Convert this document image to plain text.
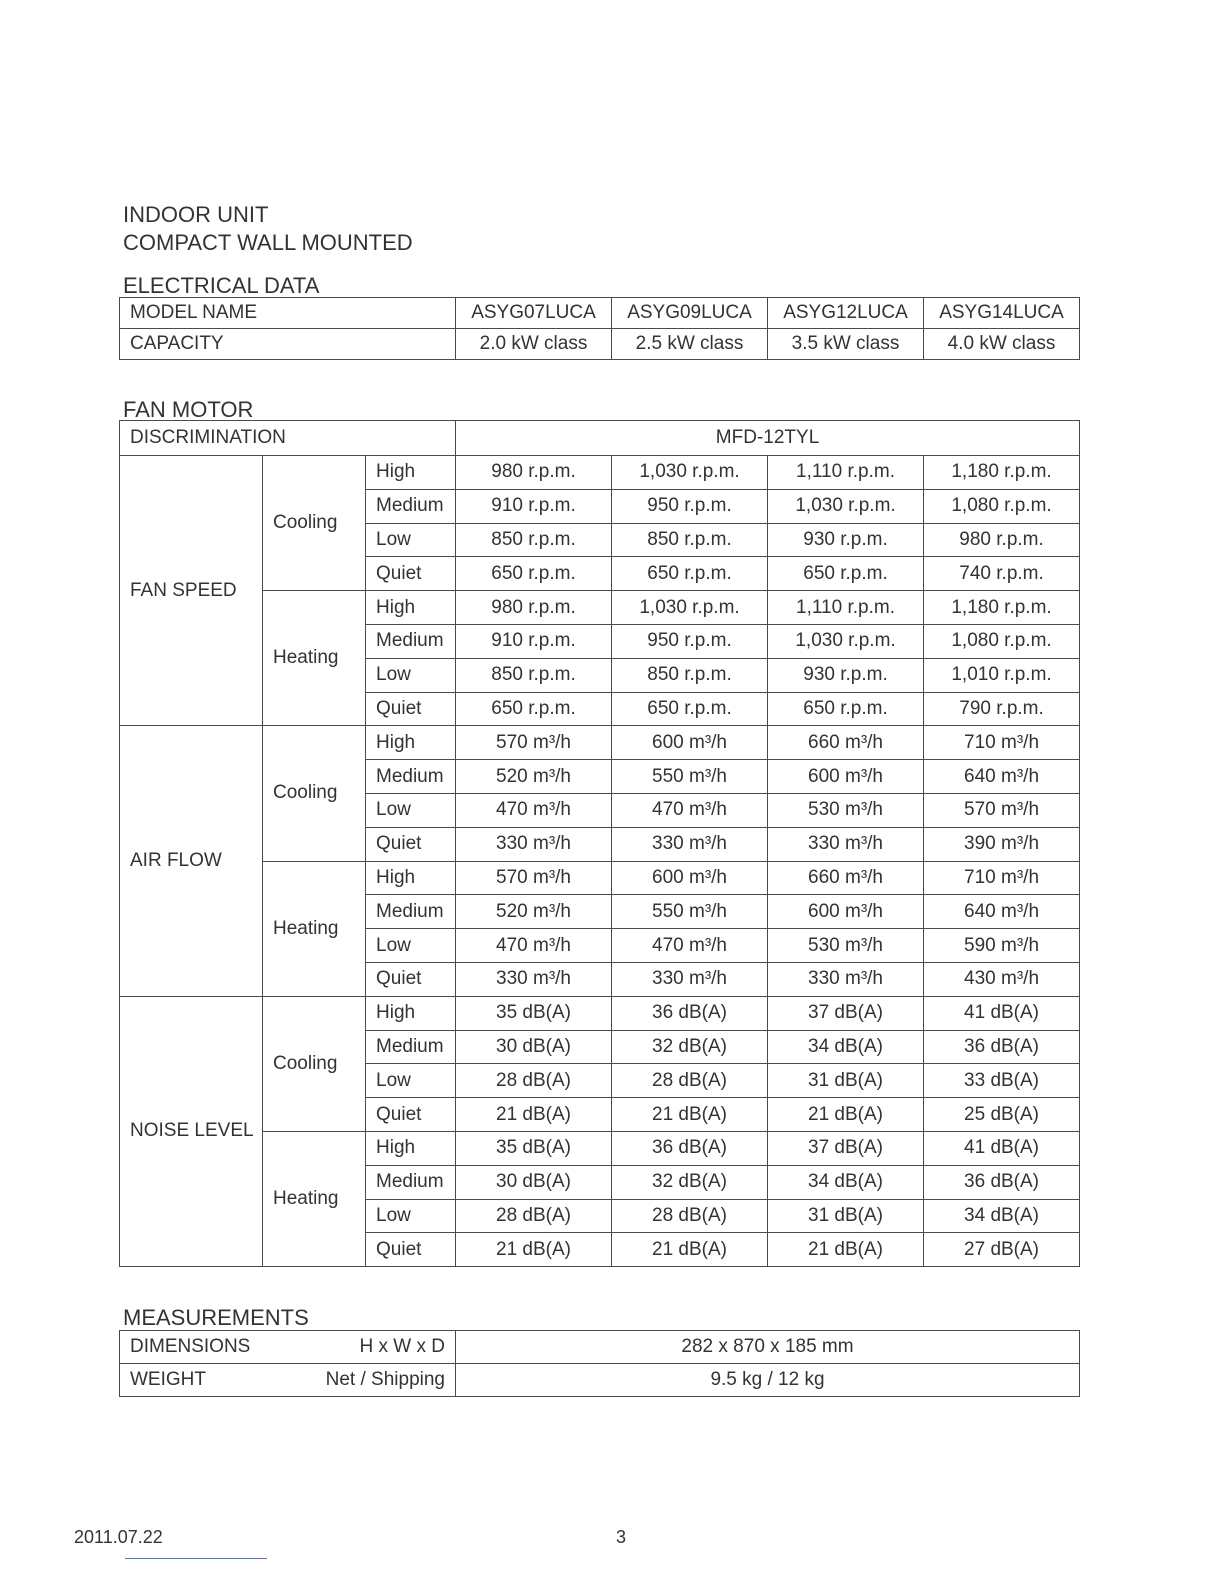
INDOOR UNIT
COMPACT WALL MOUNTED
ELECTRICAL DATA
MODEL NAME	ASYG07LUCA	ASYG09LUCA	ASYG12LUCA	ASYG14LUCA
CAPACITY	2.0 kW class	2.5 kW class	3.5 kW class	4.0 kW class
FAN MOTOR
DISCRIMINATION			MFD-12TYL			
FAN SPEED	Cooling	High	980 r.p.m.	1,030 r.p.m.	1,110 r.p.m.	1,180 r.p.m.
		Medium	910 r.p.m.	950 r.p.m.	1,030 r.p.m.	1,080 r.p.m.
		Low	850 r.p.m.	850 r.p.m.	930 r.p.m.	980 r.p.m.
		Quiet	650 r.p.m.	650 r.p.m.	650 r.p.m.	740 r.p.m.
	Heating	High	980 r.p.m.	1,030 r.p.m.	1,110 r.p.m.	1,180 r.p.m.
		Medium	910 r.p.m.	950 r.p.m.	1,030 r.p.m.	1,080 r.p.m.
		Low	850 r.p.m.	850 r.p.m.	930 r.p.m.	1,010 r.p.m.
		Quiet	650 r.p.m.	650 r.p.m.	650 r.p.m.	790 r.p.m.
AIR FLOW	Cooling	High	570 m³/h	600 m³/h	660 m³/h	710 m³/h
		Medium	520 m³/h	550 m³/h	600 m³/h	640 m³/h
		Low	470 m³/h	470 m³/h	530 m³/h	570 m³/h
		Quiet	330 m³/h	330 m³/h	330 m³/h	390 m³/h
	Heating	High	570 m³/h	600 m³/h	660 m³/h	710 m³/h
		Medium	520 m³/h	550 m³/h	600 m³/h	640 m³/h
		Low	470 m³/h	470 m³/h	530 m³/h	590 m³/h
		Quiet	330 m³/h	330 m³/h	330 m³/h	430 m³/h
NOISE LEVEL	Cooling	High	35 dB(A)	36 dB(A)	37 dB(A)	41 dB(A)
		Medium	30 dB(A)	32 dB(A)	34 dB(A)	36 dB(A)
		Low	28 dB(A)	28 dB(A)	31 dB(A)	33 dB(A)
		Quiet	21 dB(A)	21 dB(A)	21 dB(A)	25 dB(A)
	Heating	High	35 dB(A)	36 dB(A)	37 dB(A)	41 dB(A)
		Medium	30 dB(A)	32 dB(A)	34 dB(A)	36 dB(A)
		Low	28 dB(A)	28 dB(A)	31 dB(A)	34 dB(A)
		Quiet	21 dB(A)	21 dB(A)	21 dB(A)	27 dB(A)
MEASUREMENTS
DIMENSIONS H x W x D	282 x 870 x 185 mm

WEIGHT Net / Shipping	9.5 kg / 12 kg
2011.07.22	3
